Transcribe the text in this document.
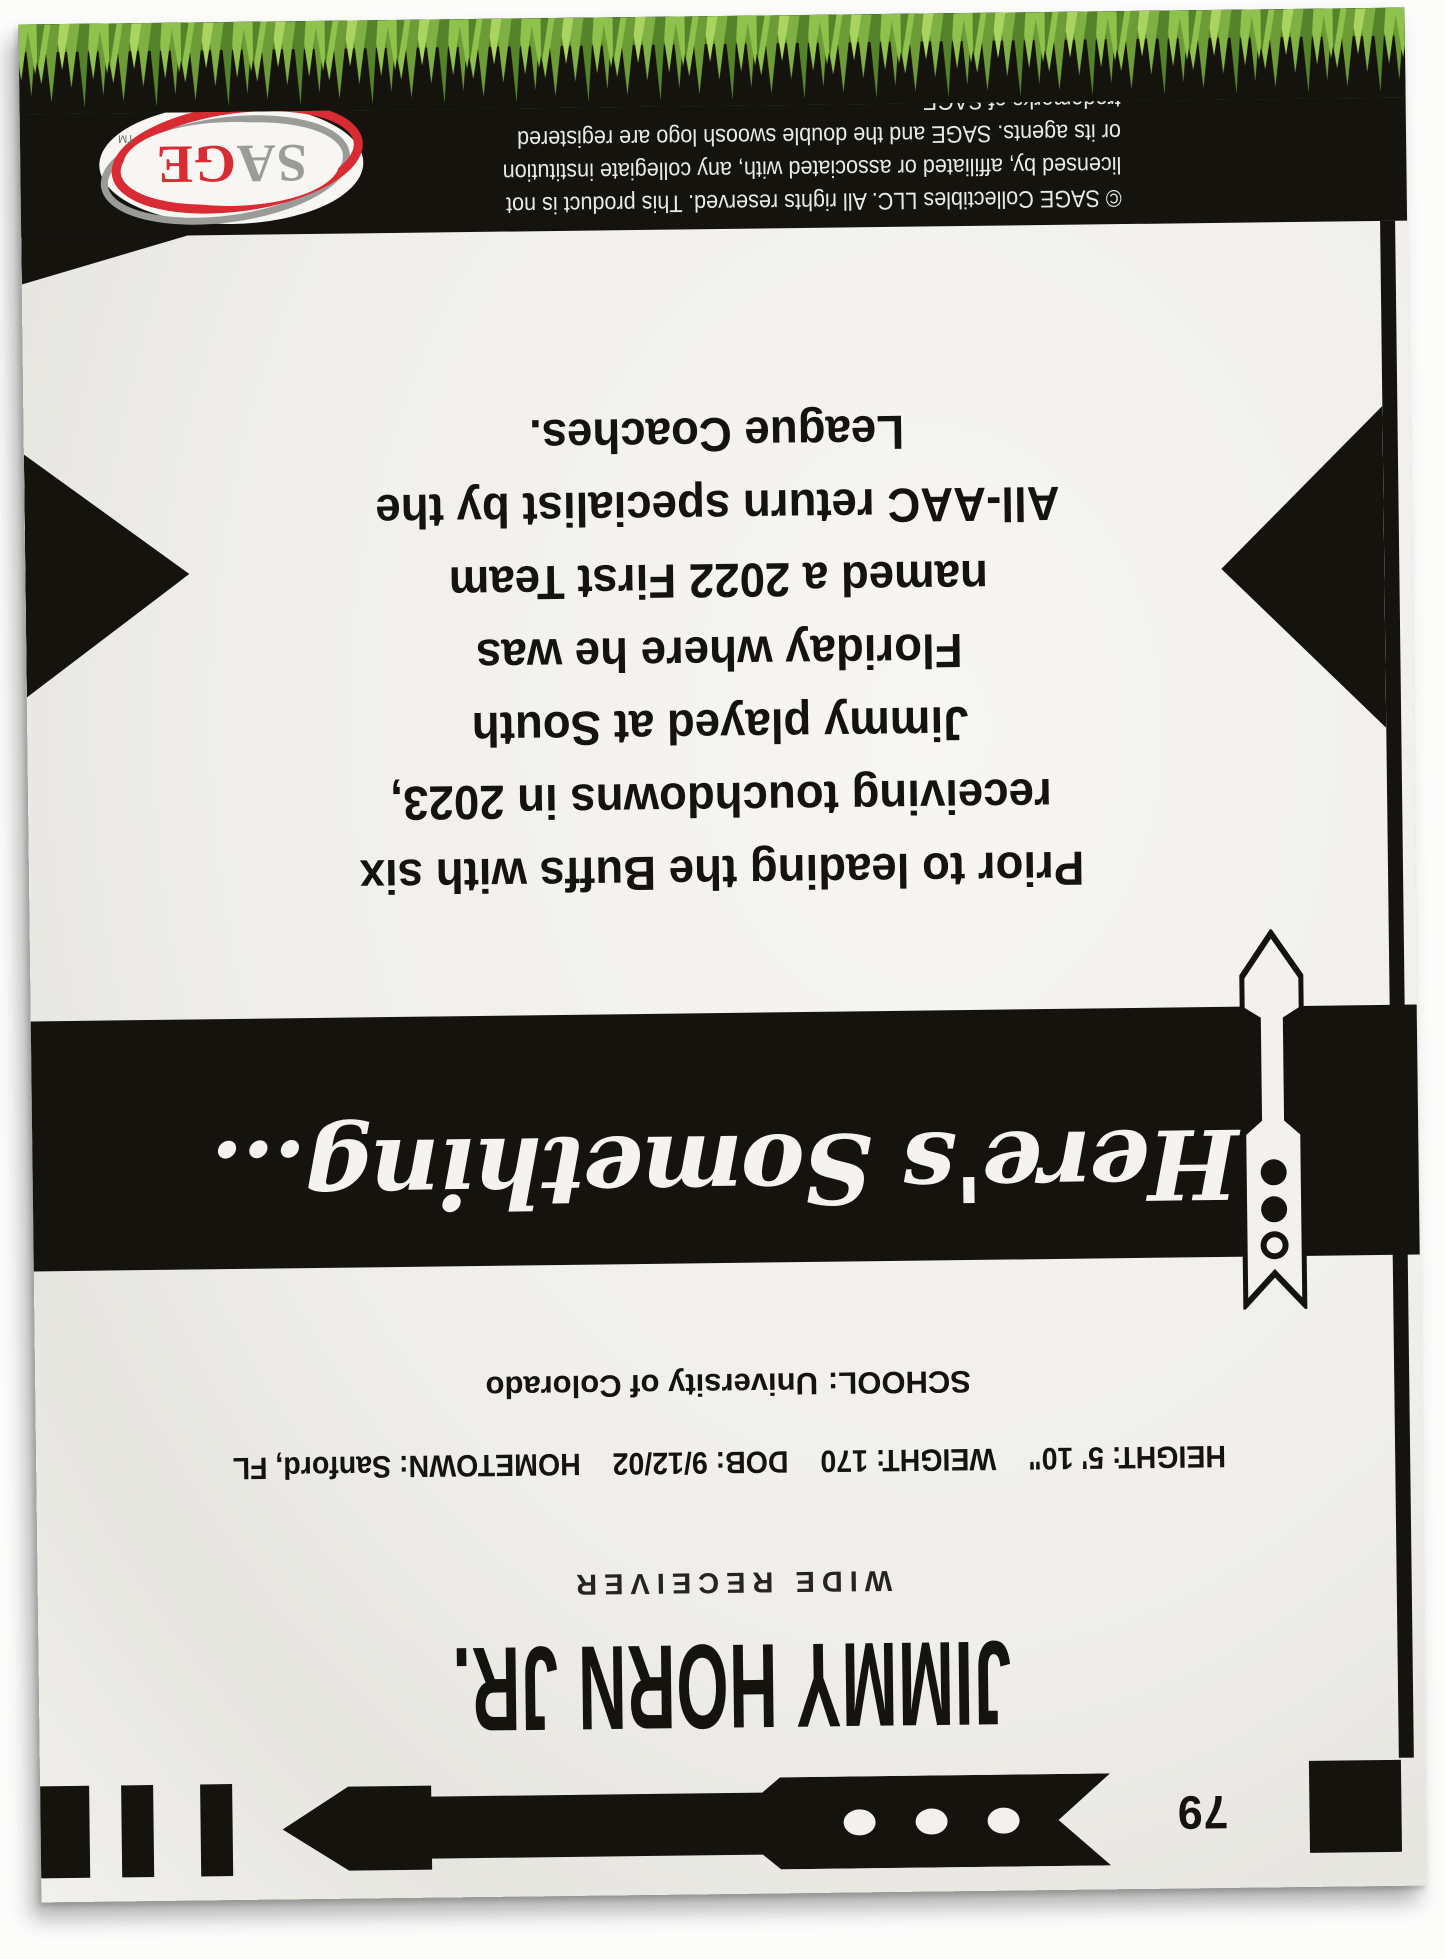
79
JIMMY HORN JR.
WIDE RECEIVER
HEIGHT: 5' 10" WEIGHT: 170 DOB: 9/12/02 HOMETOWN: Sanford, FL
SCHOOL:University of Colorado
Here's Something...
Prior to leading the Buffs with six
receiving touchdowns in 2023,
Jimmy played at South
Floriday where he was
named a 2022 First Team
All-AAC return specialist by the
League Coaches.
© SAGE Collectibles LLC. All rights reserved. This product is not
licensed by, affiliated or associated with, any collegiate institution
or its agents. SAGE and the double swoosh logo are registered
SAGE
TM
